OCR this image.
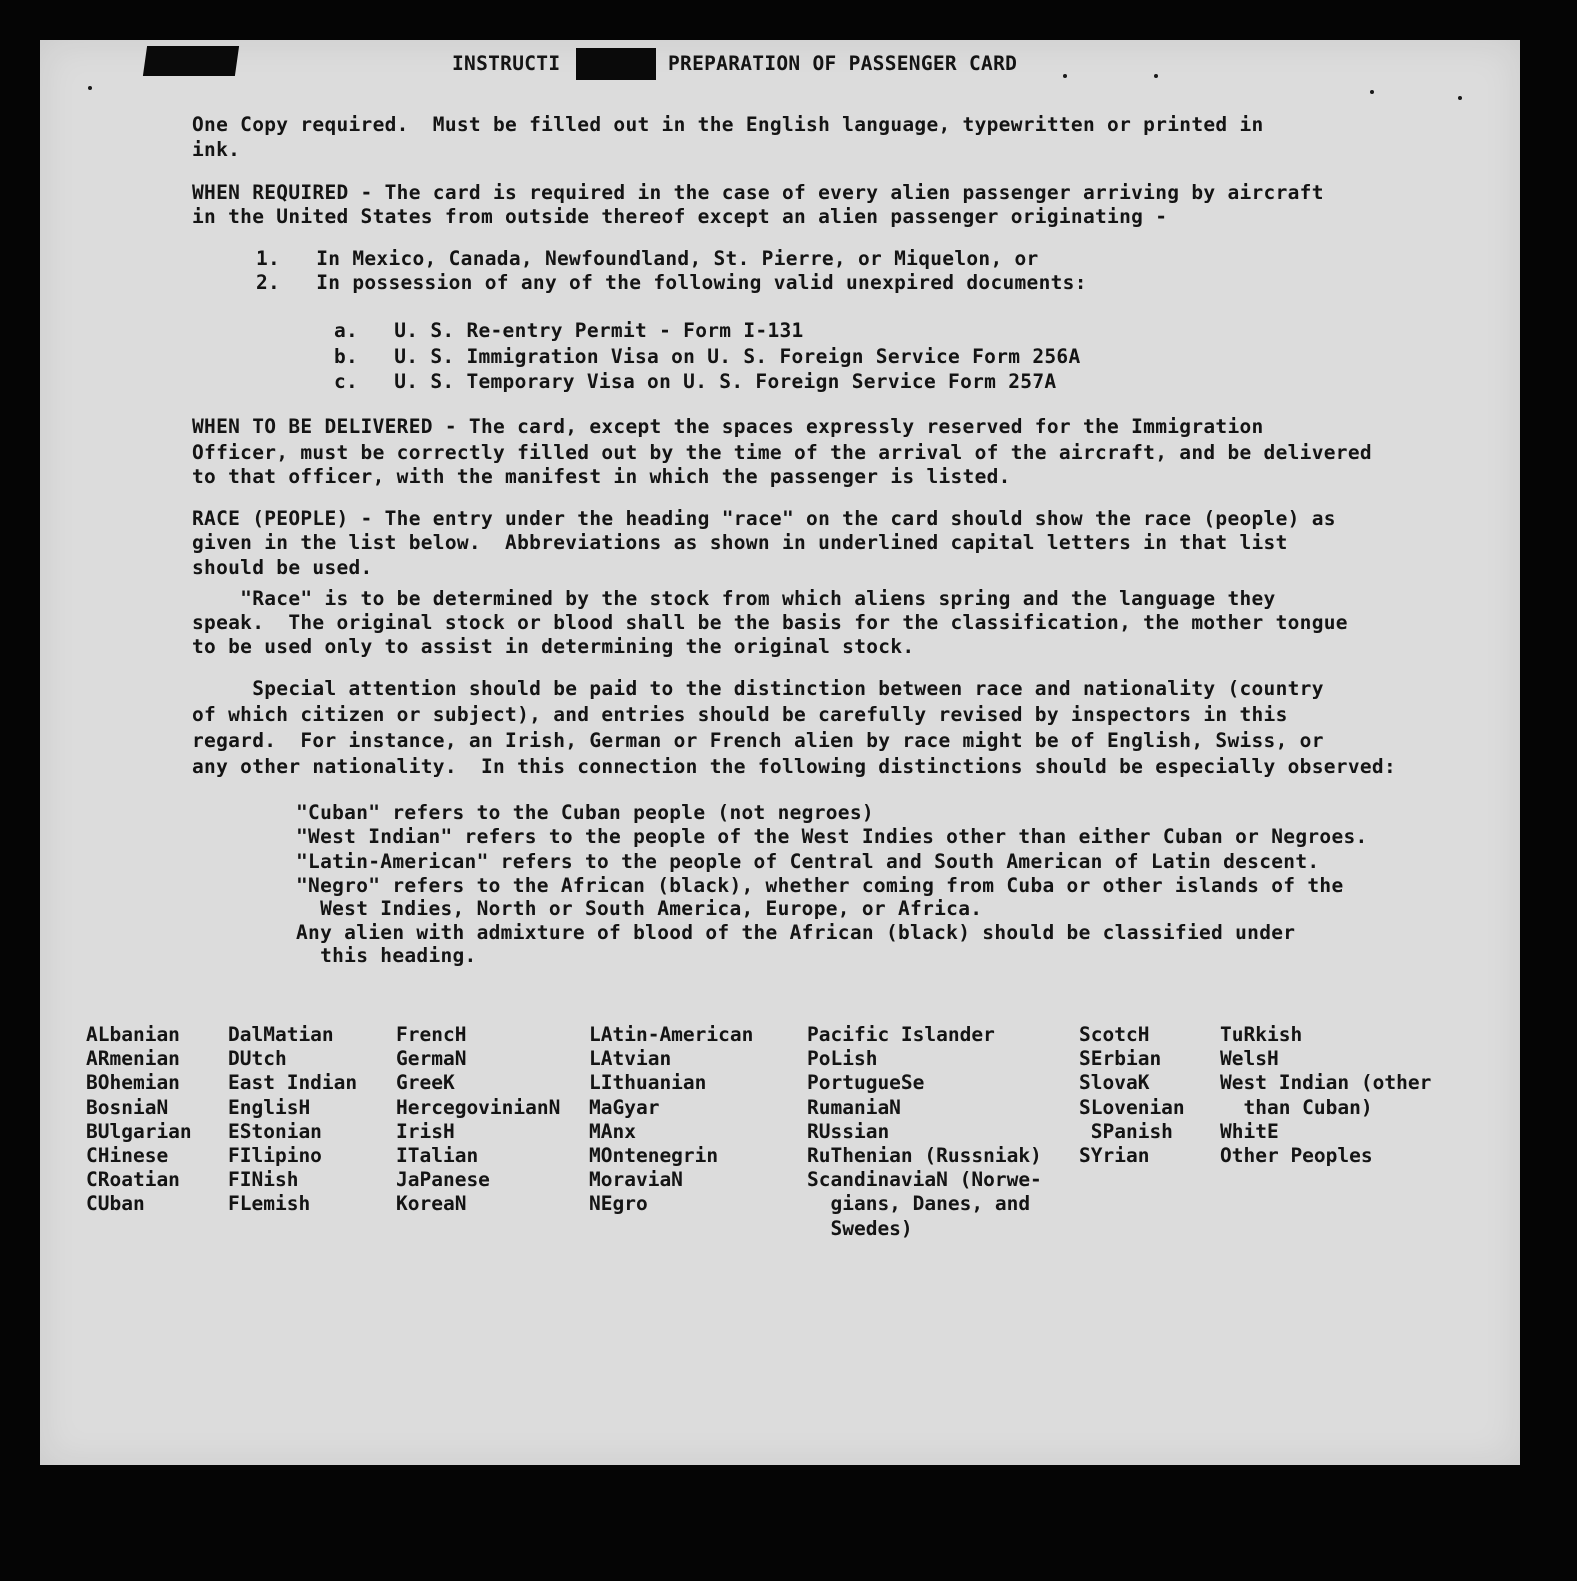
INSTRUCTI	PREPARATION OF PASSENGER CARD
One Copy required.  Must be filled out in the English language, typewritten or printed in
ink.
WHEN REQUIRED - The card is required in the case of every alien passenger arriving by aircraft
in the United States from outside thereof except an alien passenger originating -
1.   In Mexico, Canada, Newfoundland, St. Pierre, or Miquelon, or
2.   In possession of any of the following valid unexpired documents:
a.   U. S. Re-entry Permit - Form I-131
b.   U. S. Immigration Visa on U. S. Foreign Service Form 256A
c.   U. S. Temporary Visa on U. S. Foreign Service Form 257A
WHEN TO BE DELIVERED - The card, except the spaces expressly reserved for the Immigration
Officer, must be correctly filled out by the time of the arrival of the aircraft, and be delivered
to that officer, with the manifest in which the passenger is listed.
RACE (PEOPLE) - The entry under the heading "race" on the card should show the race (people) as
given in the list below.  Abbreviations as shown in underlined capital letters in that list
should be used.
"Race" is to be determined by the stock from which aliens spring and the language they
speak.  The original stock or blood shall be the basis for the classification, the mother tongue
to be used only to assist in determining the original stock.
Special attention should be paid to the distinction between race and nationality (country
of which citizen or subject), and entries should be carefully revised by inspectors in this
regard.  For instance, an Irish, German or French alien by race might be of English, Swiss, or
any other nationality.  In this connection the following distinctions should be especially observed:
"Cuban" refers to the Cuban people (not negroes)
"West Indian" refers to the people of the West Indies other than either Cuban or Negroes.
"Latin-American" refers to the people of Central and South American of Latin descent.
"Negro" refers to the African (black), whether coming from Cuba or other islands of the
West Indies, North or South America, Europe, or Africa.
Any alien with admixture of blood of the African (black) should be classified under
this heading.
ALbanian
ARmenian
BOhemian
BosniaN
BUlgarian
CHinese
CRoatian
CUban
DalMatian
DUtch
East Indian
EnglisH
EStonian
FIlipino
FINish
FLemish
FrencH
GermaN
GreeK
HercegovinianN
IrisH
ITalian
JaPanese
KoreaN
LAtin-American
LAtvian
LIthuanian
MaGyar
MAnx
MOntenegrin
MoraviaN
NEgro
Pacific Islander
PoLish
PortugueSe
RumaniaN
RUssian
RuThenian (Russniak)
ScandinaviaN (Norwe-
gians, Danes, and
Swedes)
ScotcH
SErbian
SlovaK
SLovenian
SPanish
SYrian
TuRkish
WelsH
West Indian (other
than Cuban)
WhitE
Other Peoples
